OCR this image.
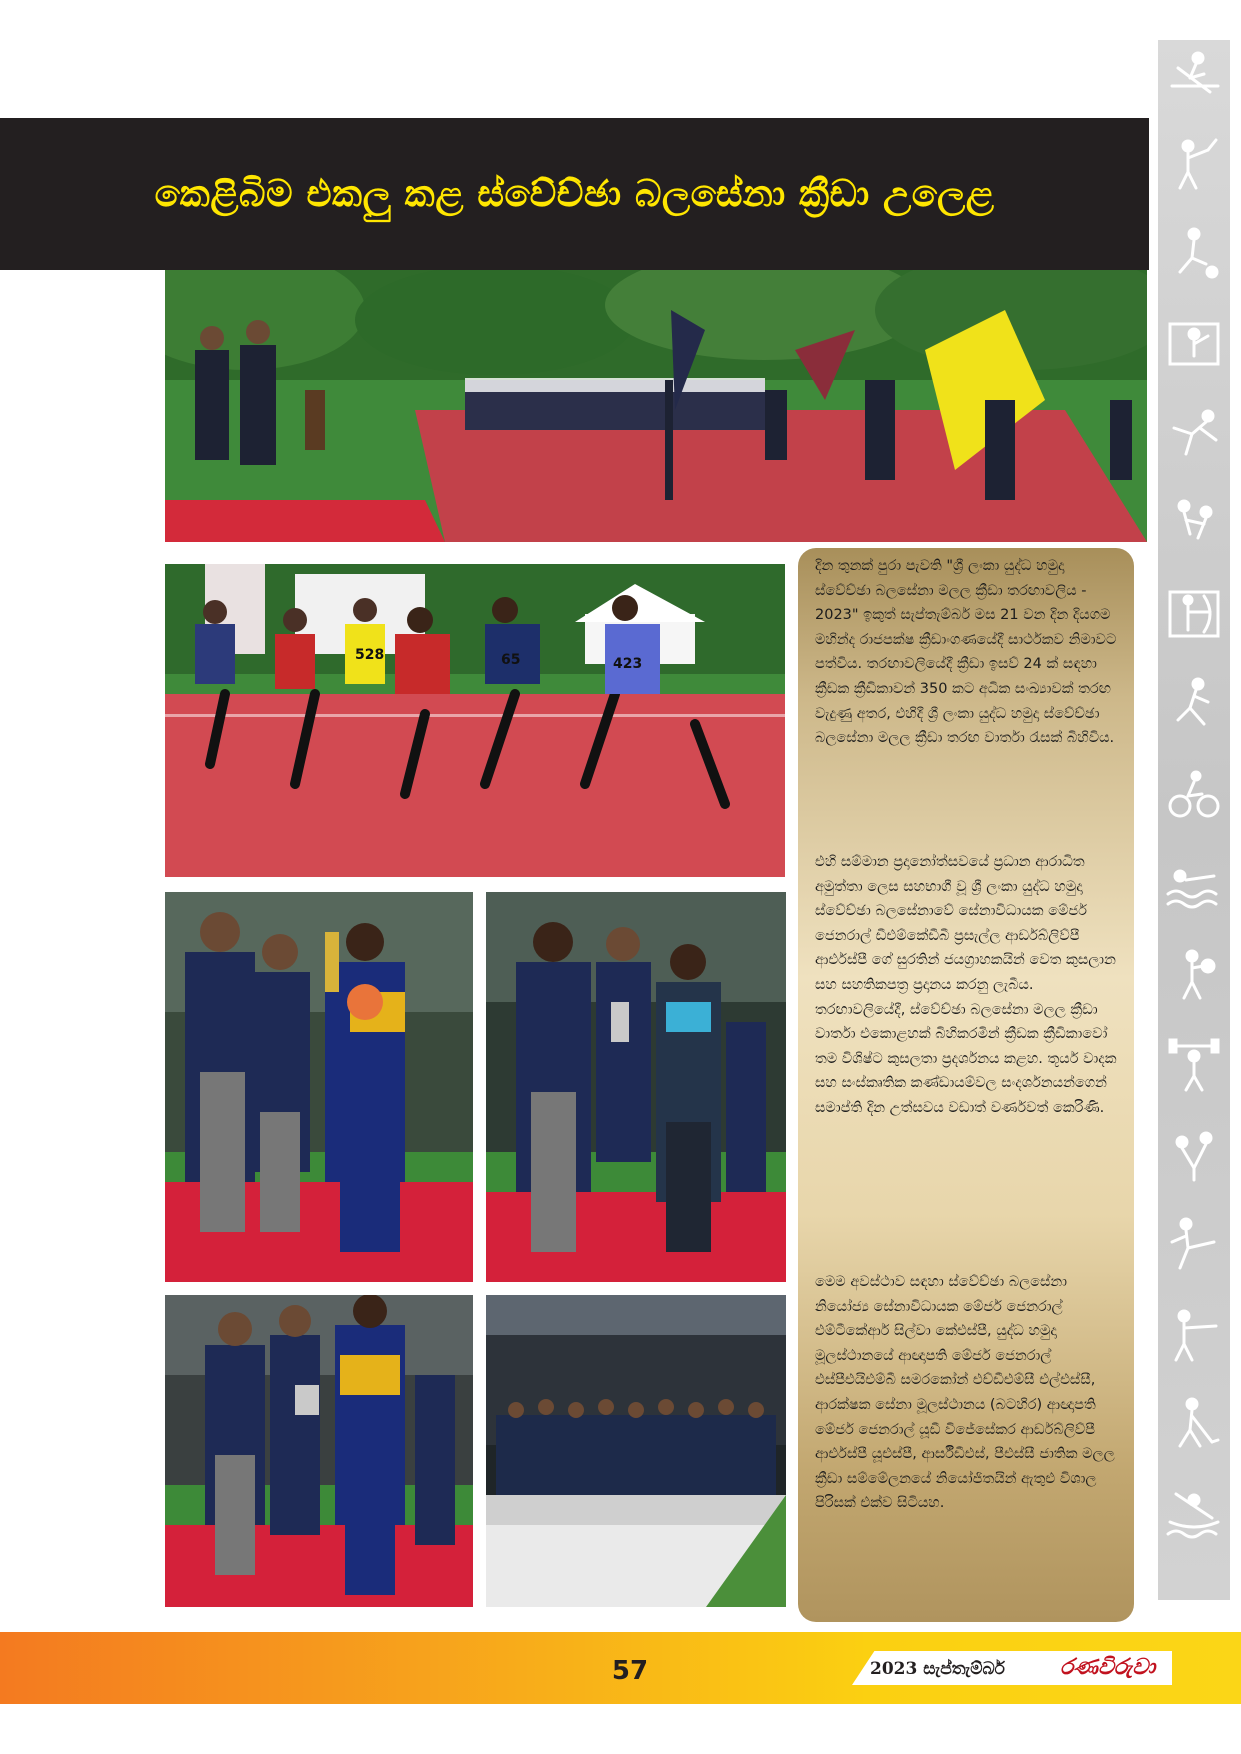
කෙළිබිම එකලු කළ ස්වේච්ඡා බලසේනා ක්‍රීඩා උලෙළ
65	423
528

දින තුනක් පුරා පැවති "ශ්‍රී ලංකා යුද්ධ හමුදා ස්වේච්ඡා බලසේනා මලල ක්‍රීඩා තරඟාවලිය - 2023" ඉකුත් සැප්තැම්බර් මස 21 වන දින දියගම මහින්ද රාජපක්ෂ ක්‍රීඩාංගණයේදී සාර්ථකව නිමාවට පත්විය. තරඟාවලියේදී ක්‍රීඩා ඉසව් 24 ක් සඳහා ක්‍රීඩක ක්‍රීඩිකාවන් 350 කට අධික සංඛ්‍යාවක් තරඟ වැදුණු අතර, එහිදී ශ්‍රී ලංකා යුද්ධ හමුදා ස්වේච්ඡා බලසේනා මලල ක්‍රීඩා තරඟ වාර්තා රැසක් බිහිවිය.

එහි සම්මාන ප්‍රදානෝත්සවයේ ප්‍රධාන ආරාධිත අමුත්තා ලෙස සහභාගී වූ ශ්‍රී ලංකා යුද්ධ හමුදා ස්වේච්ඡා බලසේනාවේ සේනාවිධායක මේජර් ජෙනරාල් ඩීඑම්කේඩීබී ප්‍රසැල්ල ආර්ඩබ්ලිව්පී ආර්එස්පී ගේ සුරතින් ජයග්‍රාහකයින් වෙත කුසලාන සහ සහතිකපත්‍ර ප්‍රදානය කරනු ලැබීය. තරඟාවලියේදී, ස්වේච්ඡා බලසේනා මලල ක්‍රීඩා වාර්තා එකොළහක් බිහිකරමින් ක්‍රීඩක ක්‍රීඩිකාවෝ තම විශිෂ්ට කුසලතා ප්‍රදර්ශනය කළහ. තූර්ය වාදක සහ සංස්කෘතික කණ්ඩායම්වල සංදර්ශනයන්ගෙන් සමාප්ති දින උත්සවය වඩාත් වර්ණවත් කෙරිණි.

මෙම අවස්ථාව සඳහා ස්වේච්ඡා බලසේනා නියෝජ්‍ය සේනාවිධායක මේජර් ජෙනරාල් එම්ටීකේආර් සිල්වා කේඑස්පී, යුද්ධ හමුදා මූලස්ථානයේ ආඥාපති මේජර් ජෙනරාල් එස්පීඑයිඑම්බී සමරකෝන් එච්ඩීඑම්සී එල්එස්සී, ආරක්ෂක සේනා මූලස්ථානය (බටහිර) ආඥාපති මේජර් ජෙනරාල් යූඩී විජේසේකර ආර්ඩබ්ලිව්පී ආර්එස්පී යූඑස්පී, ආර්සීඩීඑස්, පීඑස්සී ජාතික මලල ක්‍රීඩා සම්මේලනයේ නියෝජිතයින් ඇතුළු විශාල පිරිසක් එක්ව සිටියහ.

57	2023 සැප්තැම්බර්	රණවිරුවා
